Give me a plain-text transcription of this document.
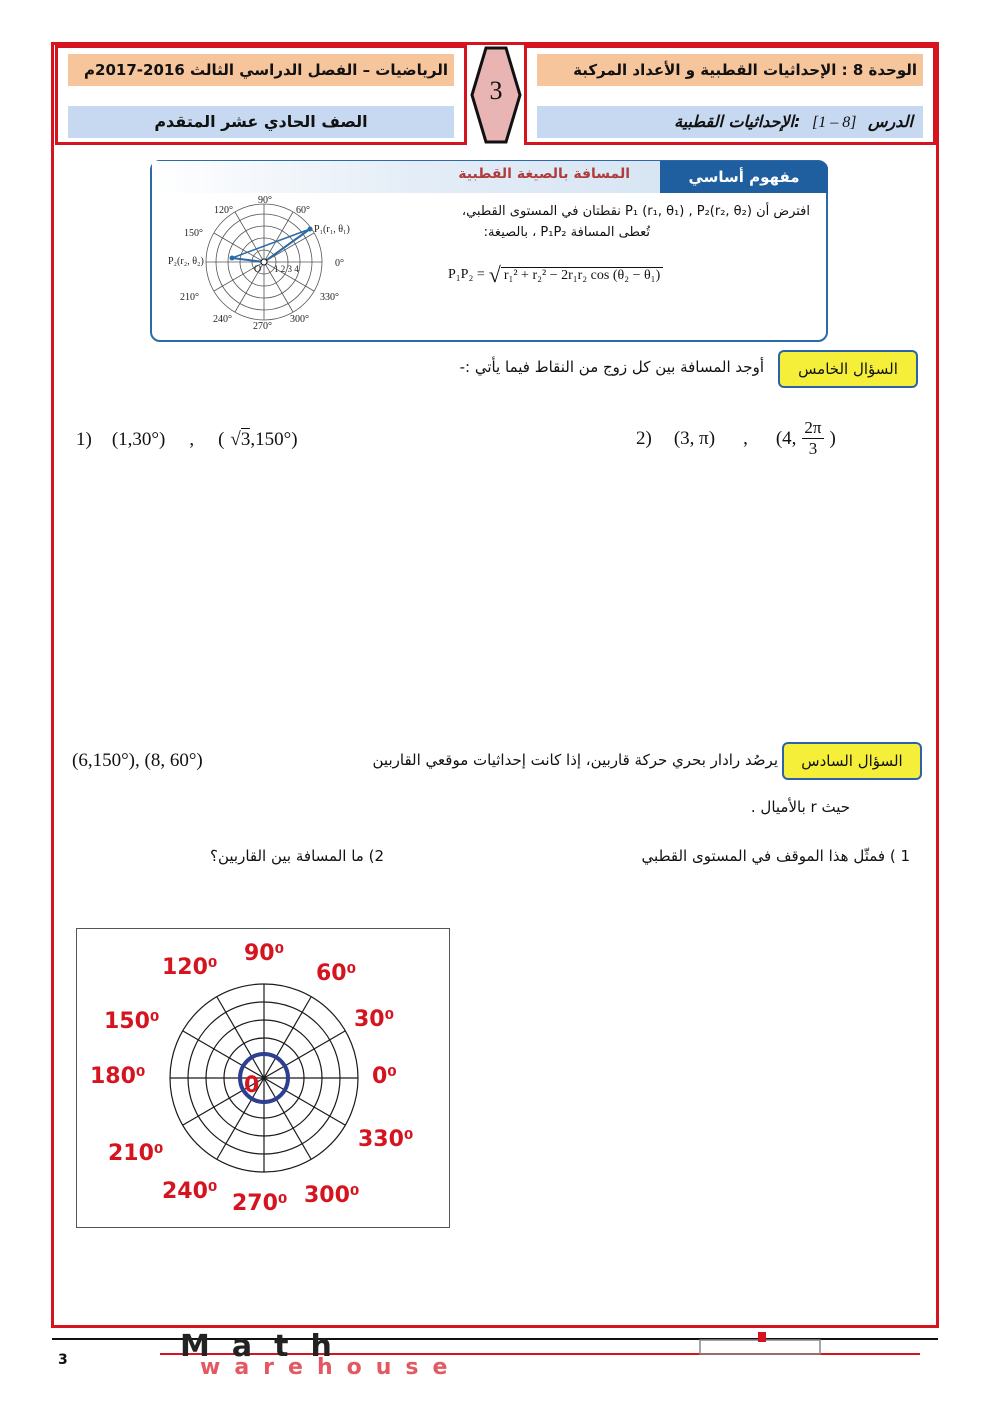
الرياضيات – الفصل الدراسي الثالث 2016-2017م
الصف الحادي عشر المتقدم
3
الوحدة 8 : الإحداثيات القطبية و الأعداد المركبة
الدرس [8 – 1] :الإحداثيات القطبية
مفهوم أساسي
المسافة بالصيغة القطبية
افترض أن (P₁ (r₁, θ₁) , P₂(r₂, θ₂ نقطتان في المستوى القطبي،
تُعطى المسافة P₁P₂ ، بالصيغة:
P₁P₂ = √ r₁² + r₂² − 2r₁r₂ cos (θ₂ − θ₁)
90°
60°
120°
150°
0°
210°	330°
240°
270°
300°
P₁(r₁, θ₁)
P₂(r₂, θ₂)
O 1 2 3 4
السؤال الخامس
أوجد المسافة بين كل زوج من النقاط فيما يأتي :-
1) (1,30°) , ( √ 3 ,150°)	2) (3, π) , (4, $\frac{2\pi}{3}$ )
السؤال السادس
يرصُد رادار بحري حركة قاربين، إذا كانت إحداثيات موقعي القاربين
(6,150°), (8, 60°)
حيث r بالأميال .
1 ) فمثّل هذا الموقف في المستوى القطبي
2) ما المسافة بين القاربين؟
120⁰
90⁰
60⁰
150⁰	30⁰
180⁰	0⁰
0
210⁰
330⁰
240⁰ 270⁰ 300⁰
3	Math
warehouse
